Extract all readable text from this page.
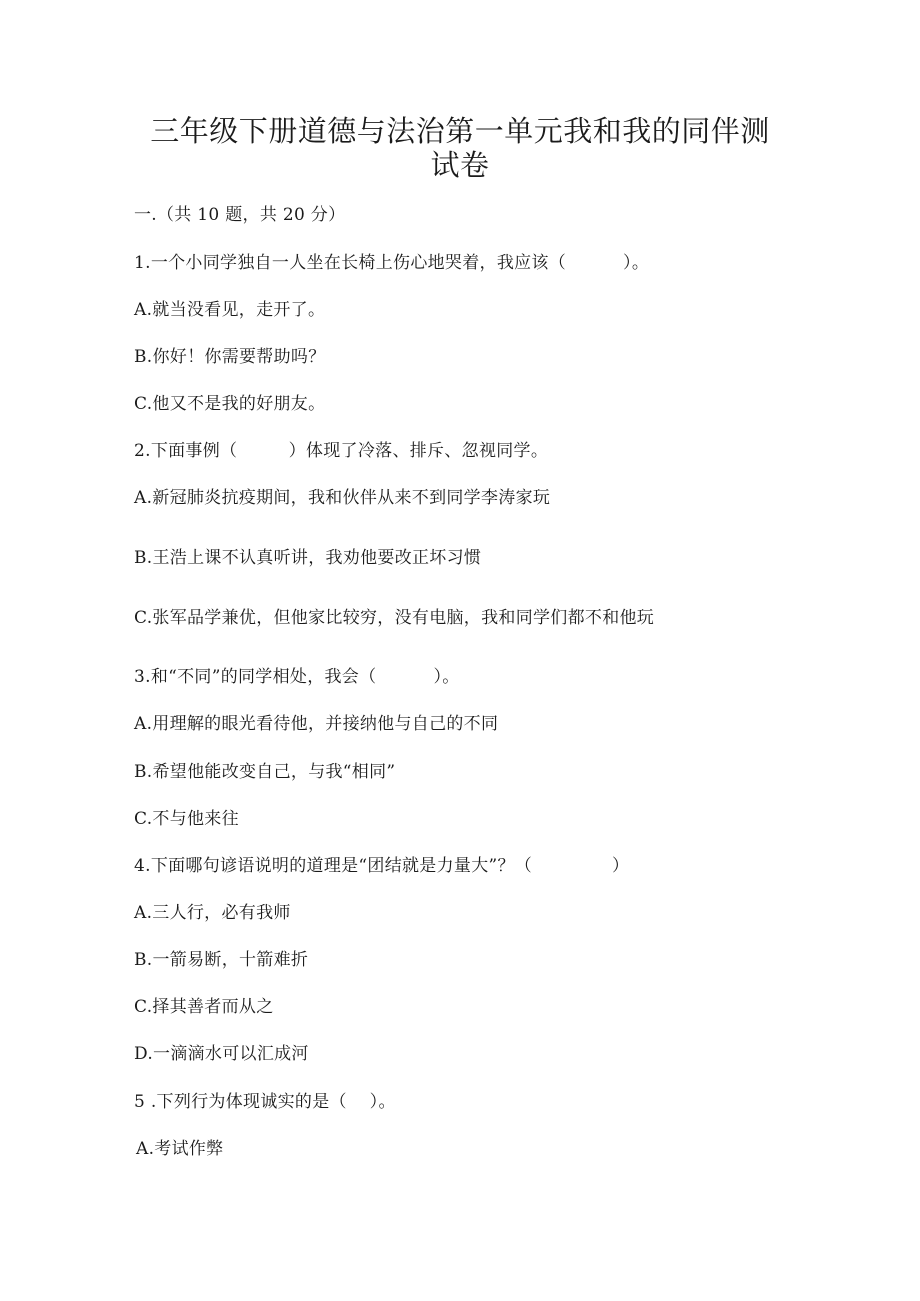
三年级下册道德与法治第一单元我和我的同伴测
试卷
一.（共 10 题，共 20 分）
1.一个小同学独自一人坐在长椅上伤心地哭着，我应该（          ）。
A.就当没看见，走开了。
B.你好！你需要帮助吗？
C.他又不是我的好朋友。
2.下面事例（         ）体现了冷落、排斥、忽视同学。
A.新冠肺炎抗疫期间，我和伙伴从来不到同学李涛家玩
B.王浩上课不认真听讲，我劝他要改正坏习惯
C.张军品学兼优，但他家比较穷，没有电脑，我和同学们都不和他玩
3.和“不同”的同学相处，我会（          ）。
A.用理解的眼光看待他，并接纳他与自己的不同
B.希望他能改变自己，与我“相同”
C.不与他来往
4.下面哪句谚语说明的道理是“团结就是力量大”？（              ）
A.三人行，必有我师
B.一箭易断，十箭难折
C.择其善者而从之
D.一滴滴水可以汇成河
5 .下列行为体现诚实的是（    ）。
A.考试作弊
